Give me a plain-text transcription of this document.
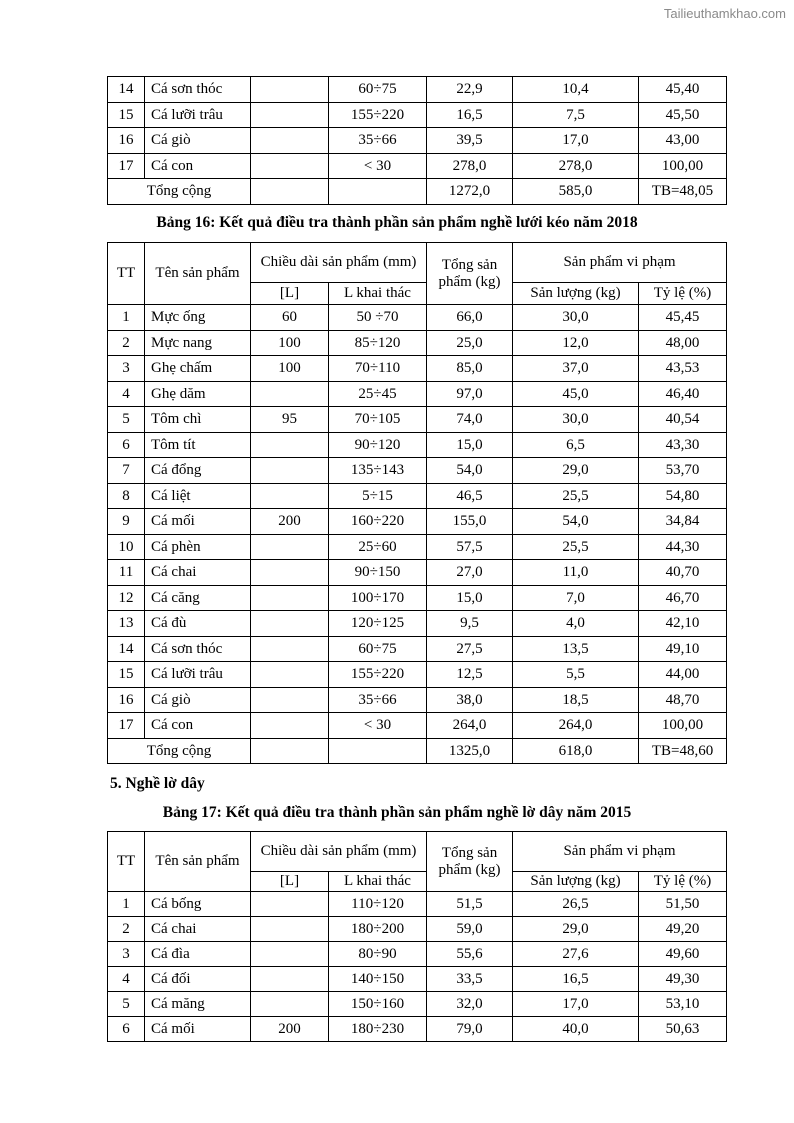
Tailieuthamkhao.com
14	Cá sơn thóc		60÷75	22,9	10,4	45,40
15	Cá lưỡi trâu		155÷220	16,5	7,5	45,50
16	Cá giò		35÷66	39,5	17,0	43,00
17	Cá con		< 30	278,0	278,0	100,00
Tổng cộng				1272,0	585,0	TB=48,05
Bảng 16: Kết quả điều tra thành phần sản phẩm nghề lưới kéo năm 2018
TT	Tên sản phẩm	Chiều dài sản phẩm (mm)		Tổng sản phẩm (kg)	Sản phẩm vi phạm	
		[L]	L khai thác		Sản lượng (kg)	Tỷ lệ (%)
1	Mực ống	60	50 ÷70	66,0	30,0	45,45
2	Mực nang	100	85÷120	25,0	12,0	48,00
3	Ghẹ chấm	100	70÷110	85,0	37,0	43,53
4	Ghẹ dăm		25÷45	97,0	45,0	46,40
5	Tôm chì	95	70÷105	74,0	30,0	40,54
6	Tôm tít		90÷120	15,0	6,5	43,30
7	Cá đổng		135÷143	54,0	29,0	53,70
8	Cá liệt		5÷15	46,5	25,5	54,80
9	Cá mối	200	160÷220	155,0	54,0	34,84
10	Cá phèn		25÷60	57,5	25,5	44,30
11	Cá chai		90÷150	27,0	11,0	40,70
12	Cá căng		100÷170	15,0	7,0	46,70
13	Cá đù		120÷125	9,5	4,0	42,10
14	Cá sơn thóc		60÷75	27,5	13,5	49,10
15	Cá lưỡi trâu		155÷220	12,5	5,5	44,00
16	Cá giò		35÷66	38,0	18,5	48,70
17	Cá con		< 30	264,0	264,0	100,00
Tổng cộng				1325,0	618,0	TB=48,60
5. Nghề lờ dây
Bảng 17: Kết quả điều tra thành phần sản phẩm nghề lờ dây năm 2015
TT	Tên sản phẩm	Chiều dài sản phẩm (mm)		Tổng sản phẩm (kg)	Sản phẩm vi phạm	
		[L]	L khai thác		Sản lượng (kg)	Tỷ lệ (%)
1	Cá bống		110÷120	51,5	26,5	51,50
2	Cá chai		180÷200	59,0	29,0	49,20
3	Cá đìa		80÷90	55,6	27,6	49,60
4	Cá đối		140÷150	33,5	16,5	49,30
5	Cá măng		150÷160	32,0	17,0	53,10
6	Cá mối	200	180÷230	79,0	40,0	50,63
